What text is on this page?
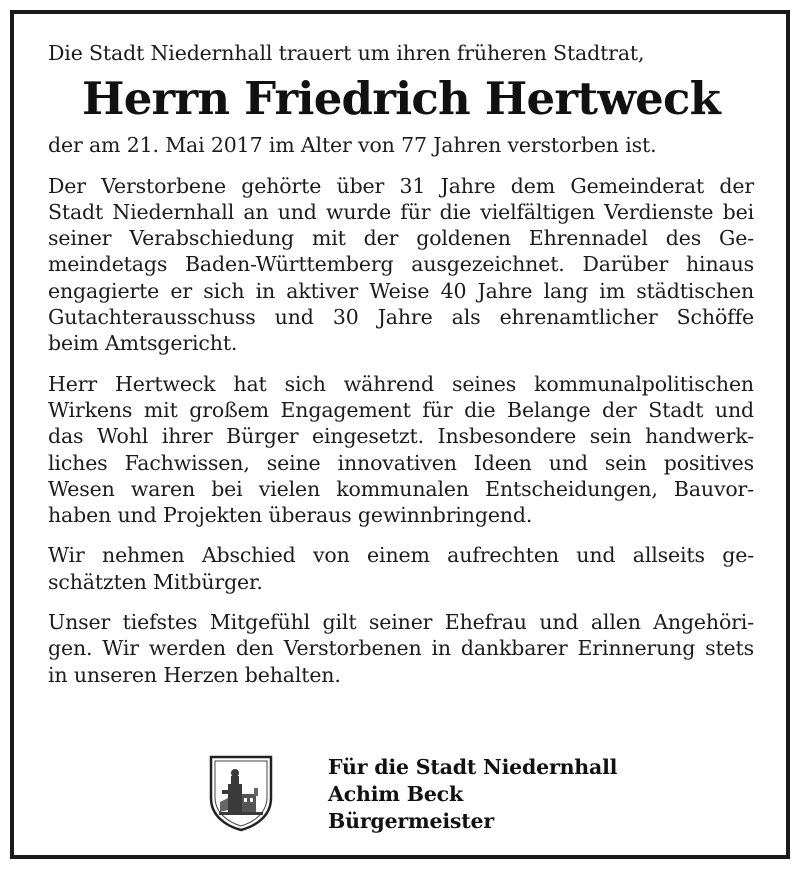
Die Stadt Niedernhall trauert um ihren früheren Stadtrat,

Herrn Friedrich Hertweck

der am 21. Mai 2017 im Alter von 77 Jahren verstorben ist.

Der Verstorbene gehörte über 31 Jahre dem Gemeinderat der
Stadt Niedernhall an und wurde für die vielfältigen Verdienste bei
seiner Verabschiedung mit der goldenen Ehrennadel des Ge-
meindetags Baden-Württemberg ausgezeichnet. Darüber hinaus
engagierte er sich in aktiver Weise 40 Jahre lang im städtischen
Gutachterausschuss und 30 Jahre als ehrenamtlicher Schöffe
beim Amtsgericht.

Herr Hertweck hat sich während seines kommunalpolitischen
Wirkens mit großem Engagement für die Belange der Stadt und
das Wohl ihrer Bürger eingesetzt. Insbesondere sein handwerk-
liches Fachwissen, seine innovativen Ideen und sein positives
Wesen waren bei vielen kommunalen Entscheidungen, Bauvor-
haben und Projekten überaus gewinnbringend.

Wir nehmen Abschied von einem aufrechten und allseits ge-
schätzten Mitbürger.

Unser tiefstes Mitgefühl gilt seiner Ehefrau und allen Angehöri-
gen. Wir werden den Verstorbenen in dankbarer Erinnerung stets
in unseren Herzen behalten.

Für die Stadt Niedernhall
Achim Beck
Bürgermeister
